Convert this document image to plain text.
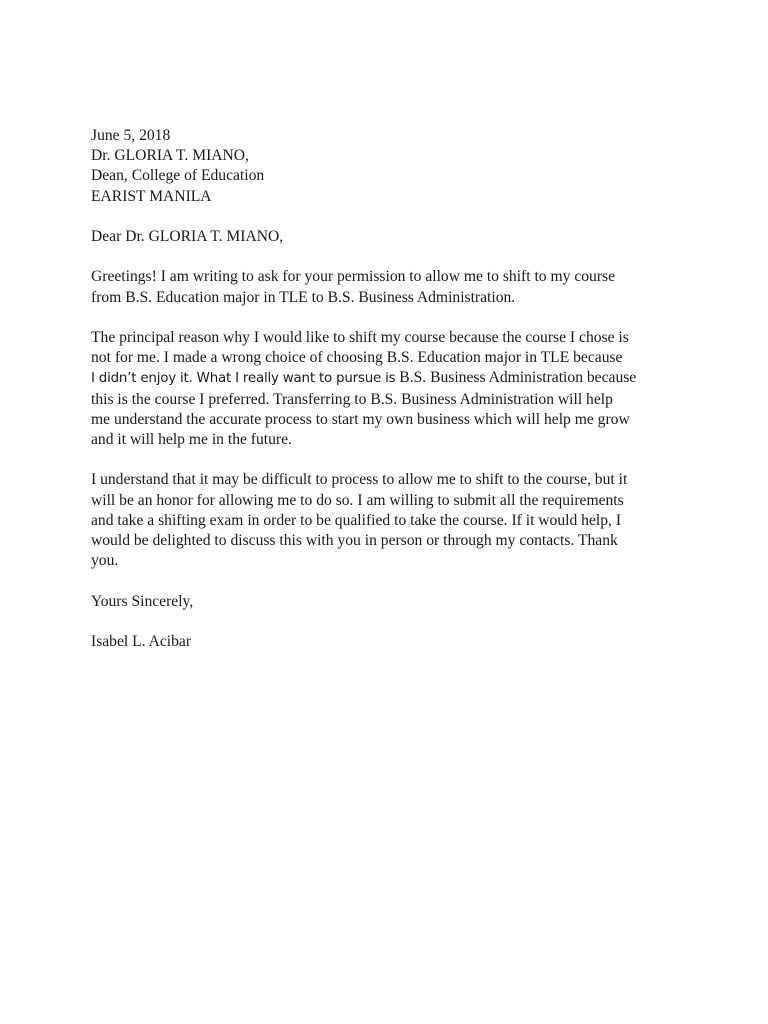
June 5, 2018
Dr. GLORIA T. MIANO,
Dean, College of Education
EARIST MANILA
Dear Dr. GLORIA T. MIANO,
Greetings! I am writing to ask for your permission to allow me to shift to my course
from B.S. Education major in TLE to B.S. Business Administration.
The principal reason why I would like to shift my course because the course I chose is
not for me. I made a wrong choice of choosing B.S. Education major in TLE because
I didn’t enjoy it. What I really want to pursue is B.S. Business Administration because
this is the course I preferred. Transferring to B.S. Business Administration will help
me understand the accurate process to start my own business which will help me grow
and it will help me in the future.
I understand that it may be difficult to process to allow me to shift to the course, but it
will be an honor for allowing me to do so. I am willing to submit all the requirements
and take a shifting exam in order to be qualified to take the course. If it would help, I
would be delighted to discuss this with you in person or through my contacts. Thank
you.
Yours Sincerely,
Isabel L. Acibar
